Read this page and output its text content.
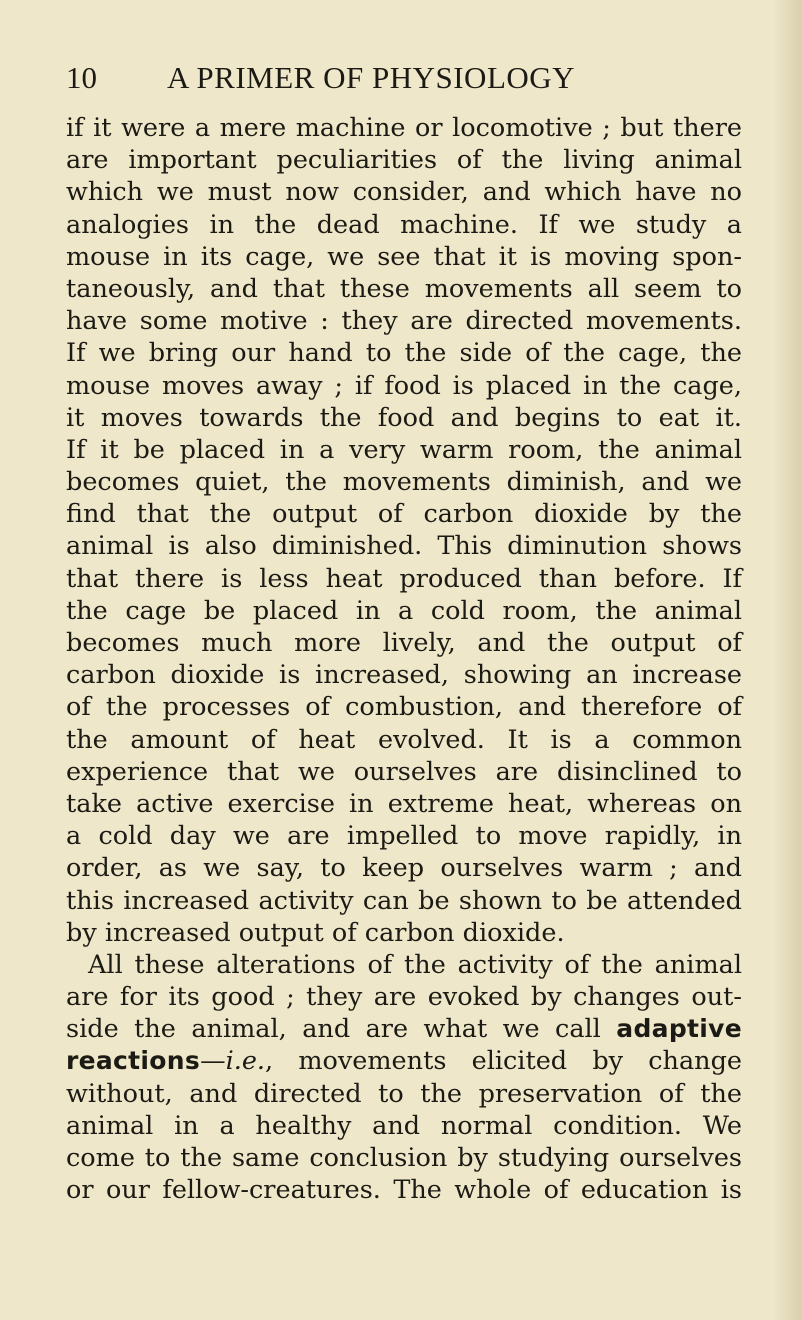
10 A PRIMER OF PHYSIOLOGY
if it were a mere machine or locomotive ; but there
are important peculiarities of the living animal
which we must now consider, and which have no
analogies in the dead machine. If we study a
mouse in its cage, we see that it is moving spon-
taneously, and that these movements all seem to
have some motive : they are directed movements.
If we bring our hand to the side of the cage, the
mouse moves away ; if food is placed in the cage,
it moves towards the food and begins to eat it.
If it be placed in a very warm room, the animal
becomes quiet, the movements diminish, and we
find that the output of carbon dioxide by the
animal is also diminished. This diminution shows
that there is less heat produced than before. If
the cage be placed in a cold room, the animal
becomes much more lively, and the output of
carbon dioxide is increased, showing an increase
of the processes of combustion, and therefore of
the amount of heat evolved. It is a common
experience that we ourselves are disinclined to
take active exercise in extreme heat, whereas on
a cold day we are impelled to move rapidly, in
order, as we say, to keep ourselves warm ; and
this increased activity can be shown to be attended
by increased output of carbon dioxide.
All these alterations of the activity of the animal
are for its good ; they are evoked by changes out-
side the animal, and are what we call adaptive
reactions—i.e., movements elicited by change
without, and directed to the preservation of the
animal in a healthy and normal condition. We
come to the same conclusion by studying ourselves
or our fellow-creatures. The whole of education is
